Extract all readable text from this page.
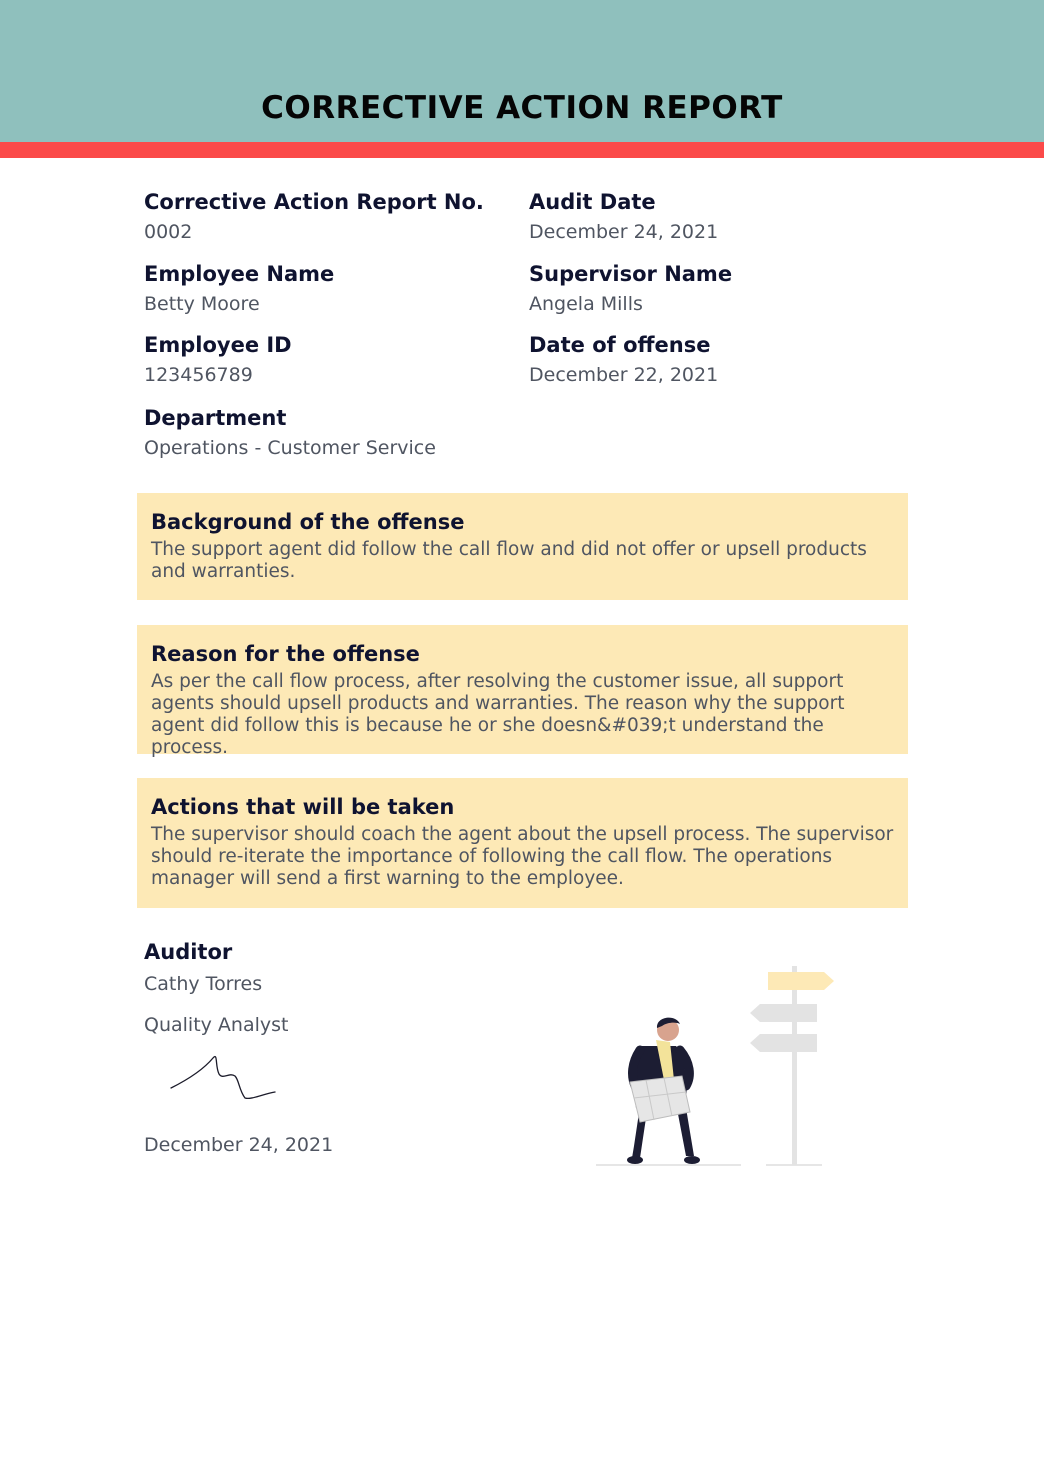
CORRECTIVE ACTION REPORT
Corrective Action Report No.
0002
Employee Name
Betty Moore
Employee ID
123456789
Department
Operations - Customer Service
Audit Date
December 24, 2021
Supervisor Name
Angela Mills
Date of offense
December 22, 2021
Background of the offense
The support agent did follow the call flow and did not offer or upsell products and warranties.
Reason for the offense
As per the call flow process, after resolving the customer issue, all support agents should upsell products and warranties. The reason why the support agent did follow this is because he or she doesn&#039;t understand the process.
Actions that will be taken
The supervisor should coach the agent about the upsell process. The supervisor should re-iterate the importance of following the call flow. The operations manager will send a first warning to the employee.
Auditor
Cathy Torres
Quality Analyst
December 24, 2021
